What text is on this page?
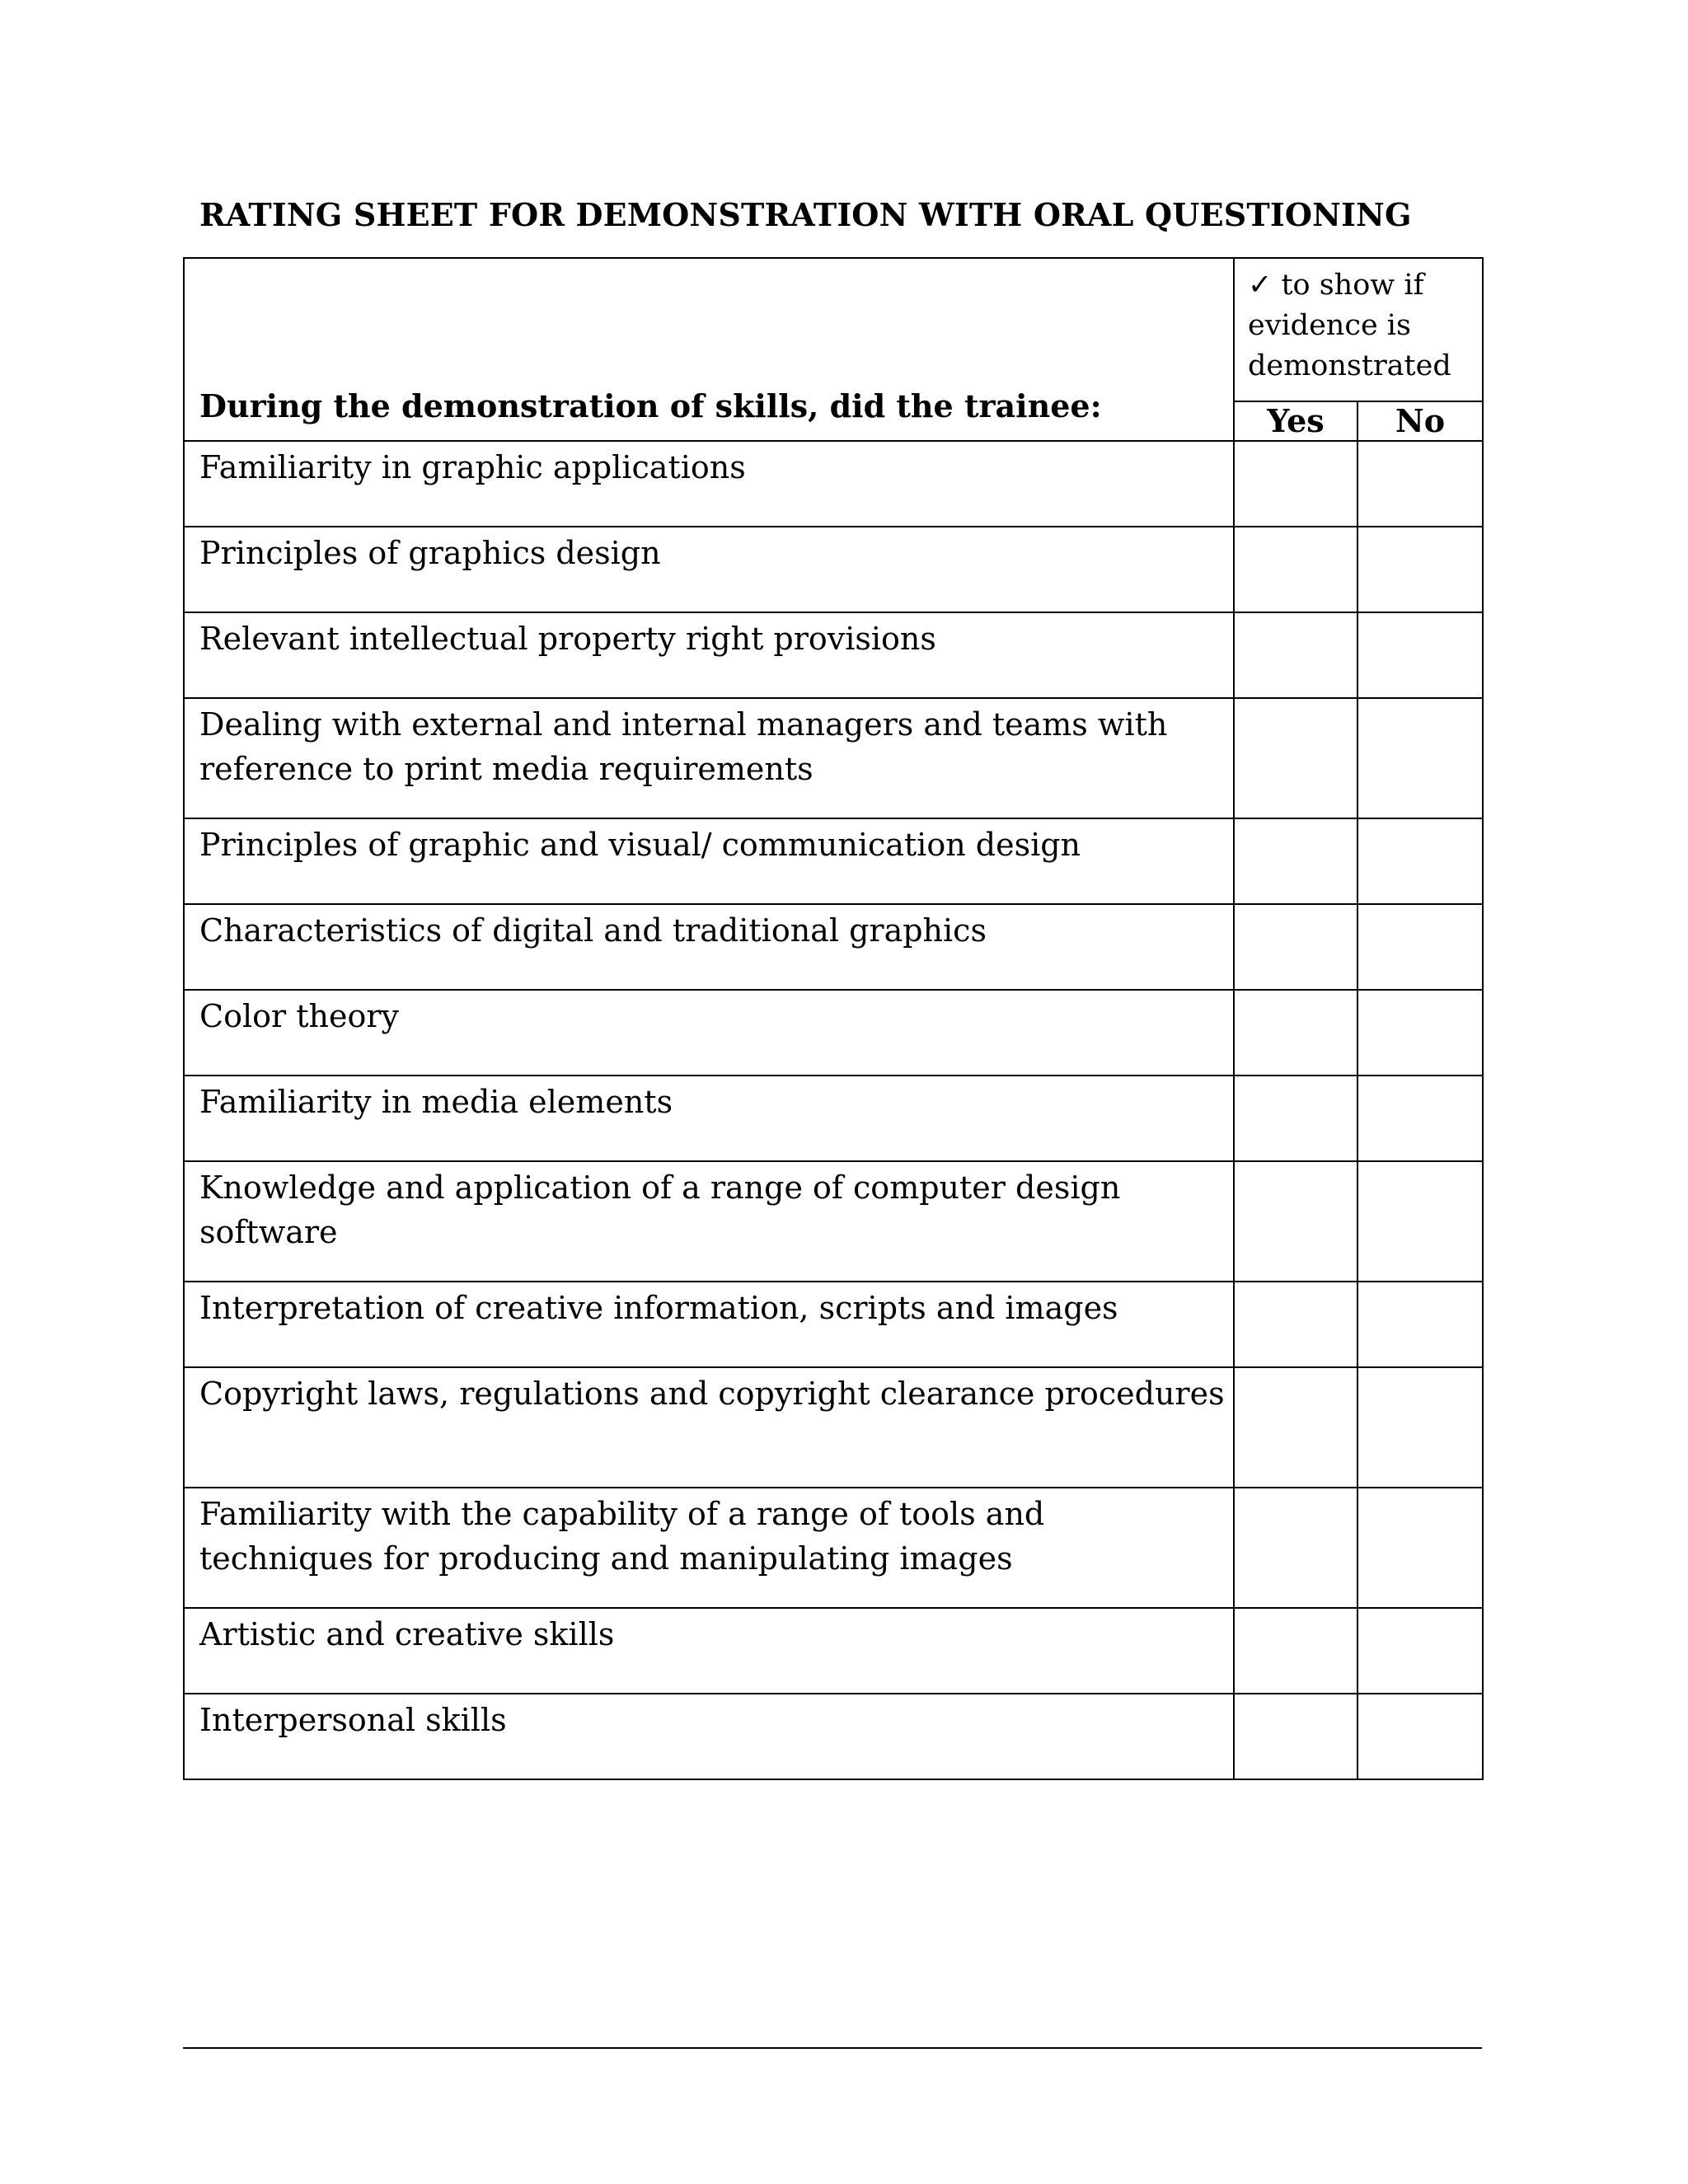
RATING SHEET FOR DEMONSTRATION WITH ORAL QUESTIONING
During the demonstration of skills, did the trainee:	✓ to show if evidence is demonstrated	
	Yes	No
Familiarity in graphic applications		
Principles of graphics design		
Relevant intellectual property right provisions		
Dealing with external and internal managers and teams with reference to print media requirements		
Principles of graphic and visual/ communication design		
Characteristics of digital and traditional graphics		
Color theory		
Familiarity in media elements		
Knowledge and application of a range of computer design software		
Interpretation of creative information, scripts and images		
Copyright laws, regulations and copyright clearance procedures		
Familiarity with the capability of a range of tools and techniques for producing and manipulating images		
Artistic and creative skills		
Interpersonal skills		
